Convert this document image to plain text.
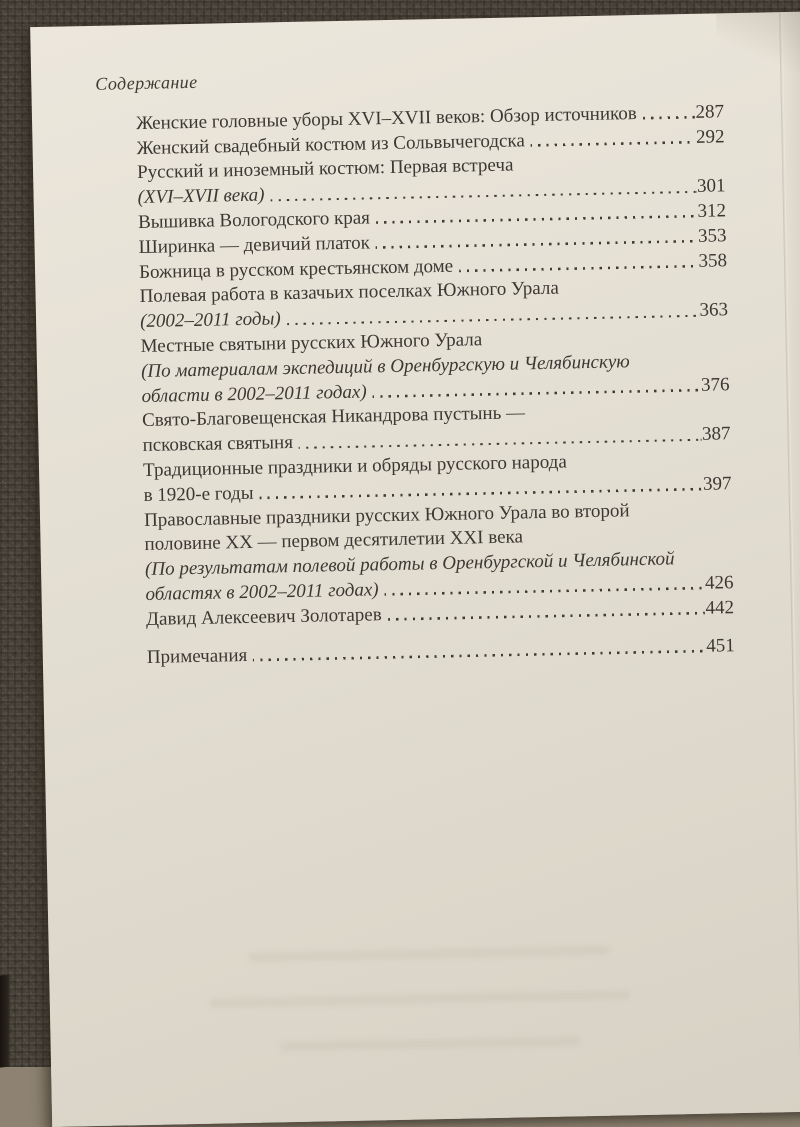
Содержание
Женские головные уборы XVI–XVII веков: Обзор источников	287
Женский свадебный костюм из Сольвычегодска	292
Русский и иноземный костюм: Первая встреча
(XVI–XVII века)	301
Вышивка Вологодского края	312
Ширинка — девичий платок	353
Божница в русском крестьянском доме	358
Полевая работа в казачьих поселках Южного Урала
(2002–2011 годы)	363
Местные святыни русских Южного Урала
(По материалам экспедиций в Оренбургскую и Челябинскую
области в 2002–2011 годах)	376
Свято-Благовещенская Никандрова пустынь —
псковская святыня	387
Традиционные праздники и обряды русского народа
в 1920-е годы	397
Православные праздники русских Южного Урала во второй
половине XX — первом десятилетии XXI века
(По результатам полевой работы в Оренбургской и Челябинской
областях в 2002–2011 годах)	426
Давид Алексеевич Золотарев	442
Примечания	451
